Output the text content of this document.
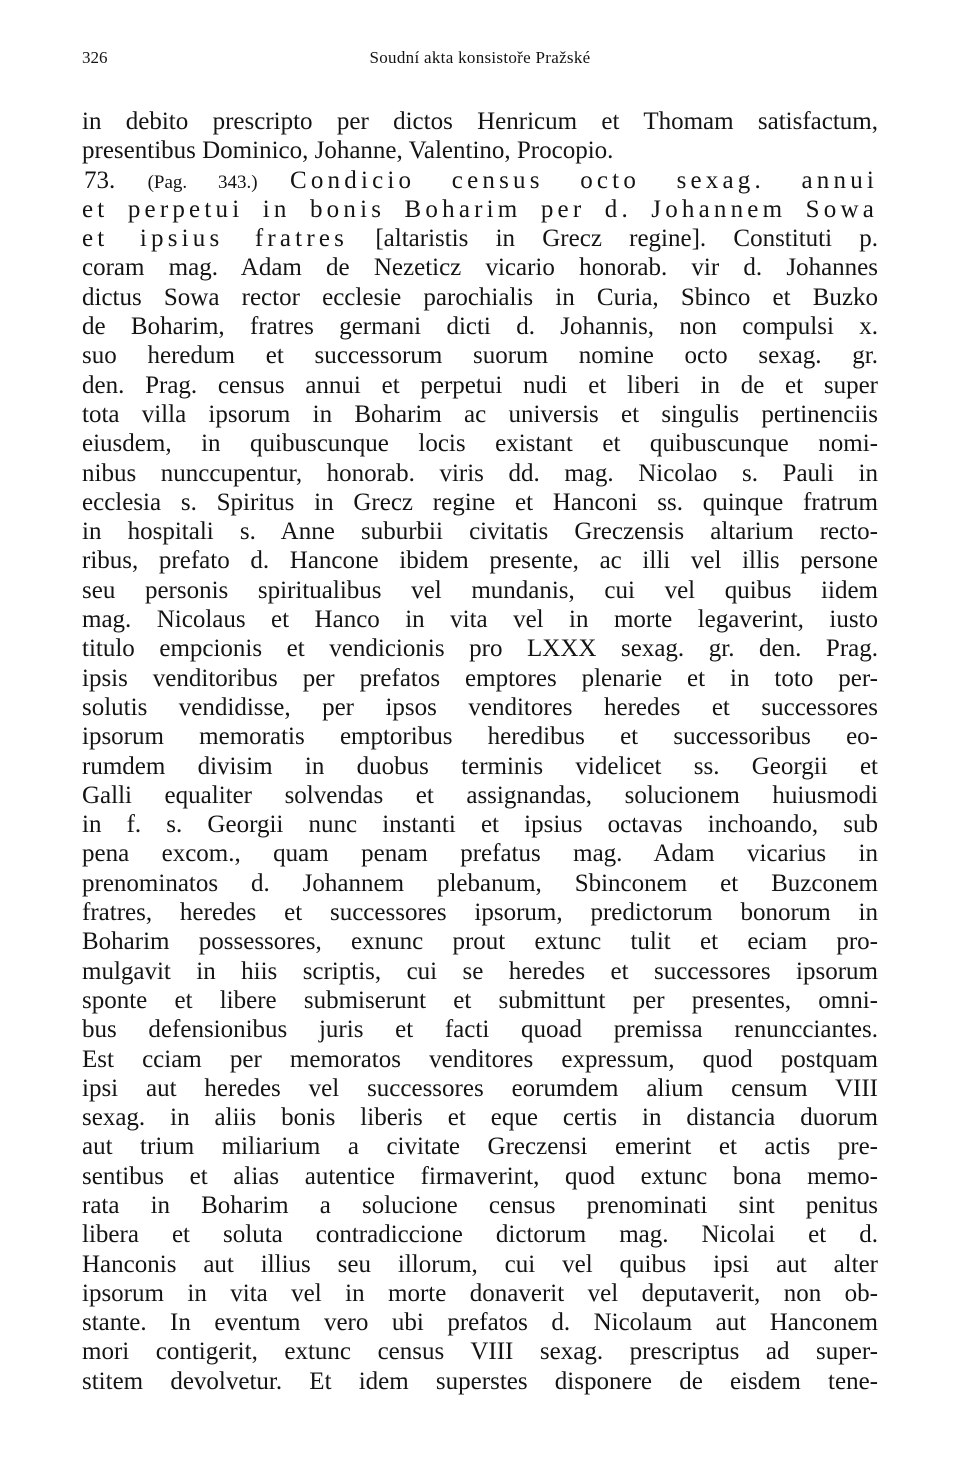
326	Soudní akta konsistoře Pražské
in debito prescripto per dictos Henricum et Thomam satisfactum,
presentibus Dominico, Johanne, Valentino, Procopio.
73. (Pag. 343.) Condicio census octo sexag. annui
et perpetui in bonis Boharim per d. Johannem Sowa
et ipsius fratres [altaristis in Grecz regine]. Constituti p.
coram mag. Adam de Nezeticz vicario honorab. vir d. Johannes
dictus Sowa rector ecclesie parochialis in Curia, Sbinco et Buzko
de Boharim, fratres germani dicti d. Johannis, non compulsi x.
suo heredum et successorum suorum nomine octo sexag. gr.
den. Prag. census annui et perpetui nudi et liberi in de et super
tota villa ipsorum in Boharim ac universis et singulis pertinenciis
eiusdem, in quibuscunque locis existant et quibuscunque nomi-
nibus nunccupentur, honorab. viris dd. mag. Nicolao s. Pauli in
ecclesia s. Spiritus in Grecz regine et Hanconi ss. quinque fratrum
in hospitali s. Anne suburbii civitatis Greczensis altarium recto-
ribus, prefato d. Hancone ibidem presente, ac illi vel illis persone
seu personis spiritualibus vel mundanis, cui vel quibus iidem
mag. Nicolaus et Hanco in vita vel in morte legaverint, iusto
titulo empcionis et vendicionis pro LXXX sexag. gr. den. Prag.
ipsis venditoribus per prefatos emptores plenarie et in toto per-
solutis vendidisse, per ipsos venditores heredes et successores
ipsorum memoratis emptoribus heredibus et successoribus eo-
rumdem divisim in duobus terminis videlicet ss. Georgii et
Galli equaliter solvendas et assignandas, solucionem huiusmodi
in f. s. Georgii nunc instanti et ipsius octavas inchoando, sub
pena excom., quam penam prefatus mag. Adam vicarius in
prenominatos d. Johannem plebanum, Sbinconem et Buzconem
fratres, heredes et successores ipsorum, predictorum bonorum in
Boharim possessores, exnunc prout extunc tulit et eciam pro-
mulgavit in hiis scriptis, cui se heredes et successores ipsorum
sponte et libere submiserunt et submittunt per presentes, omni-
bus defensionibus juris et facti quoad premissa renuncciantes.
Est cciam per memoratos venditores expressum, quod postquam
ipsi aut heredes vel successores eorumdem alium censum VIII
sexag. in aliis bonis liberis et eque certis in distancia duorum
aut trium miliarium a civitate Greczensi emerint et actis pre-
sentibus et alias autentice firmaverint, quod extunc bona memo-
rata in Boharim a solucione census prenominati sint penitus
libera et soluta contradiccione dictorum mag. Nicolai et d.
Hanconis aut illius seu illorum, cui vel quibus ipsi aut alter
ipsorum in vita vel in morte donaverit vel deputaverit, non ob-
stante. In eventum vero ubi prefatos d. Nicolaum aut Hanconem
mori contigerit, extunc census VIII sexag. prescriptus ad super-
stitem devolvetur. Et idem superstes disponere de eisdem tene-
